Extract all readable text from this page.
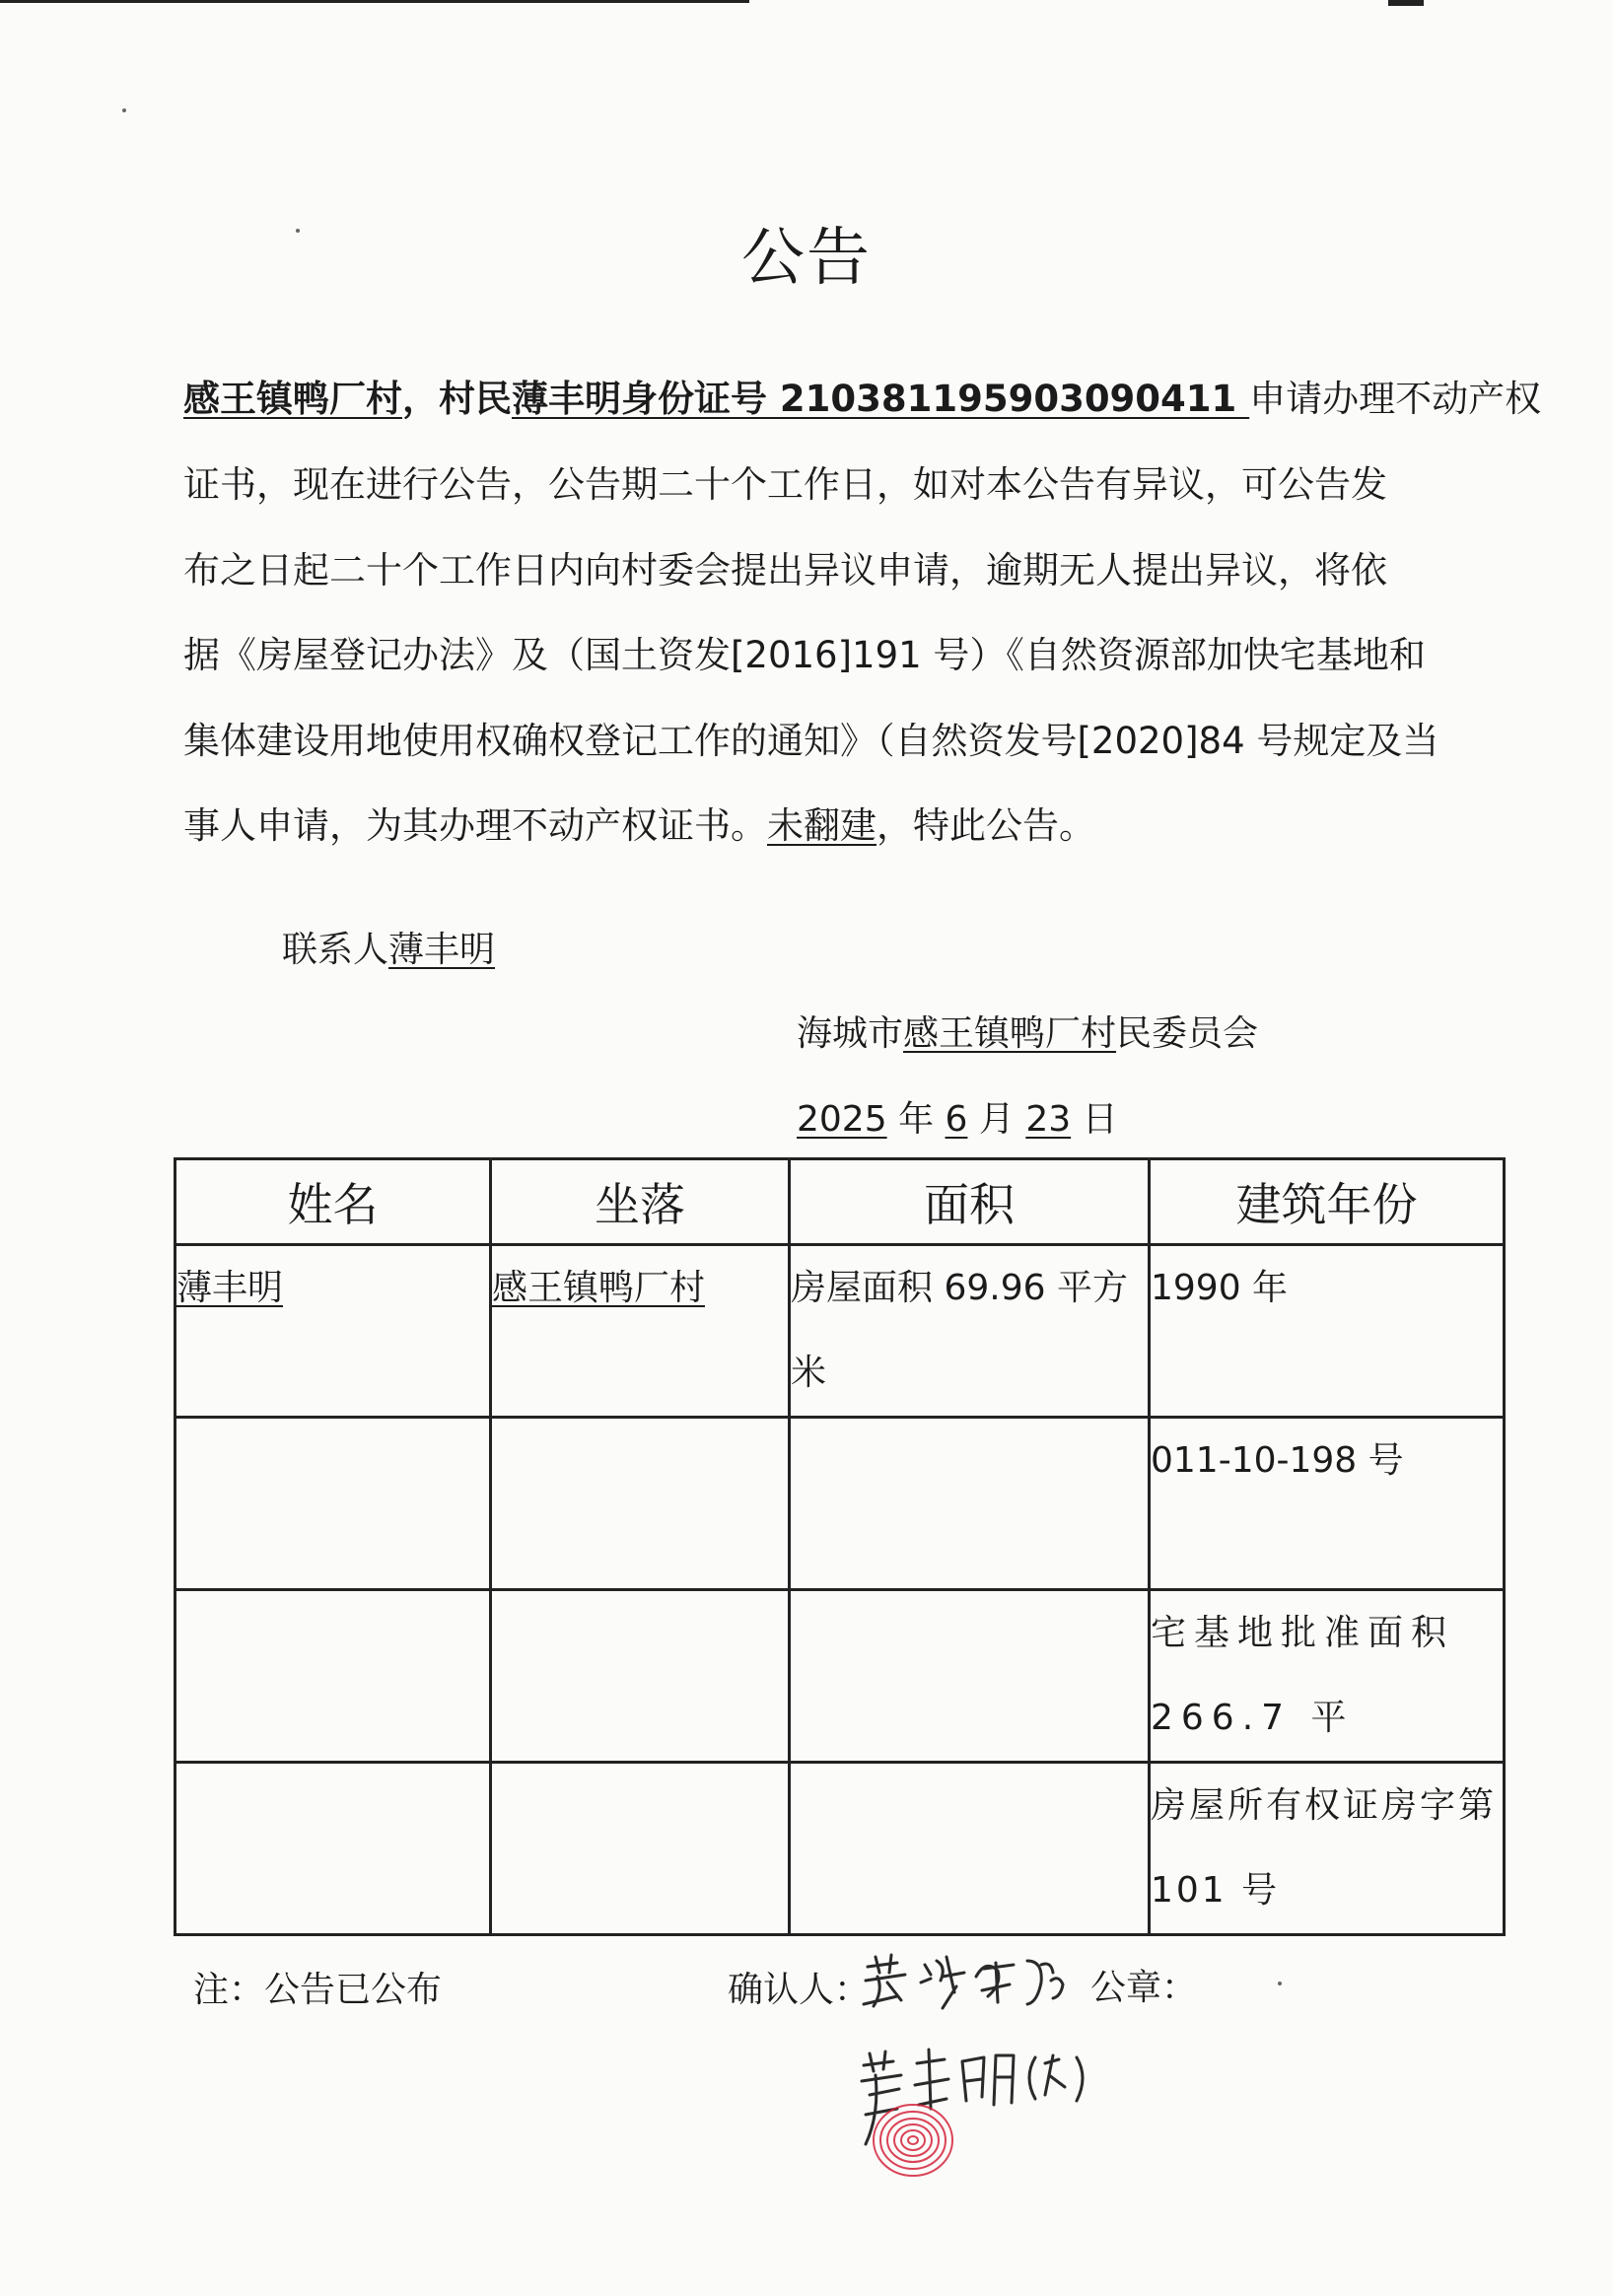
公告
感王镇鸭厂村，村民薄丰明身份证号 210381195903090411 申请办理不动产权
证书，现在进行公告，公告期二十个工作日，如对本公告有异议，可公告发
布之日起二十个工作日内向村委会提出异议申请，逾期无人提出异议，将依
据《房屋登记办法》及（国土资发[2016]191 号）《自然资源部加快宅基地和
集体建设用地使用权确权登记工作的通知》（自然资发号[2020]84 号规定及当
事人申请，为其办理不动产权证书。未翻建，特此公告。
联系人薄丰明
海城市感王镇鸭厂村民委员会
2025 年 6 月 23 日
姓名	坐落	面积	建筑年份
薄丰明	感王镇鸭厂村	房屋面积 69.96 平方米	1990 年
			011-10-198 号
			宅基地批准面积 266.7 平
			房屋所有权证房字第 101 号
注：公告已公布	确认人：	公章：
